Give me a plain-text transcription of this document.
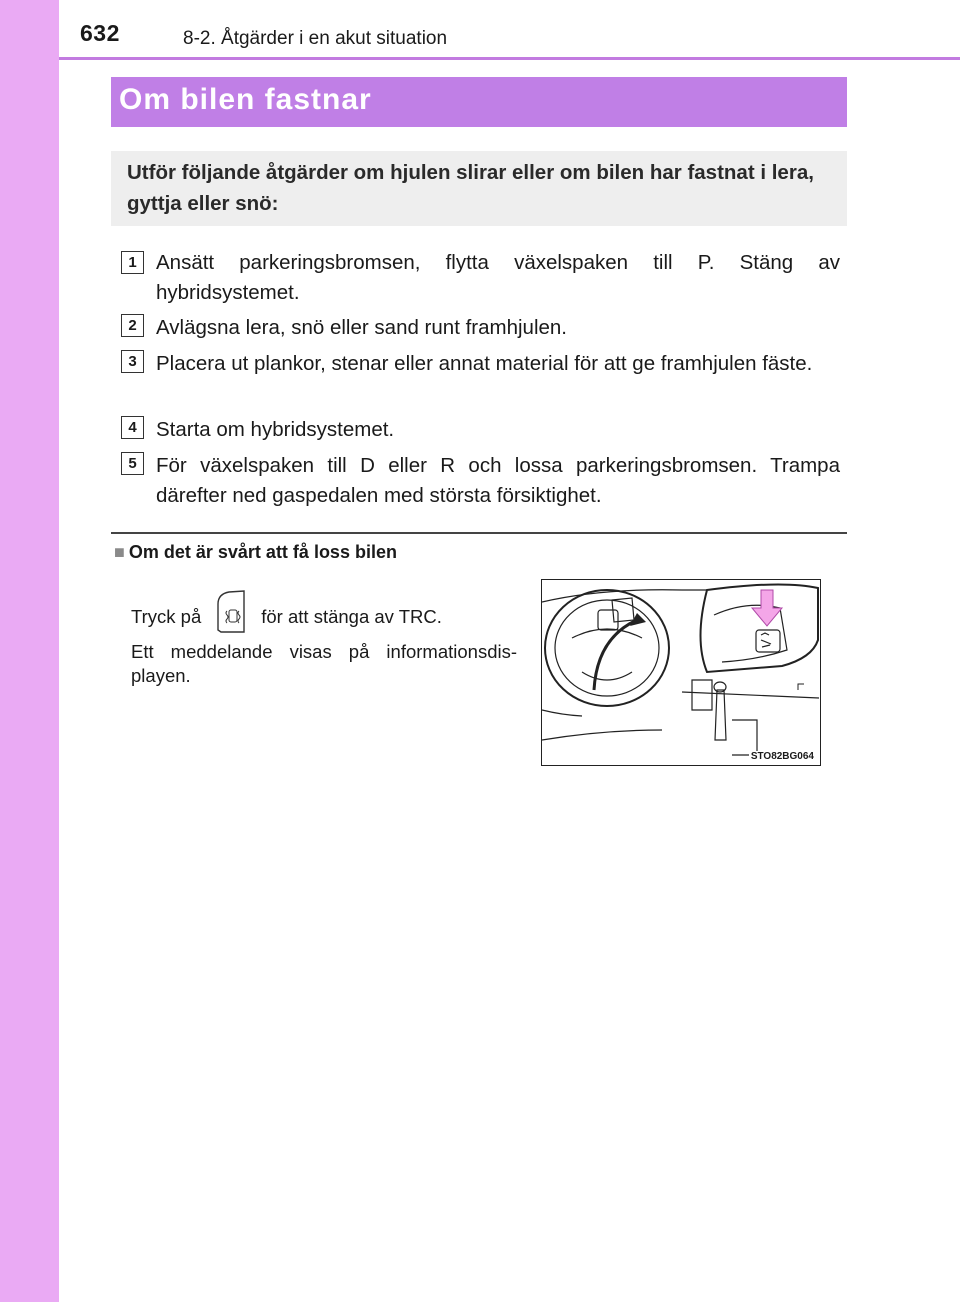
632	8-2. Åtgärder i en akut situation
Om bilen fastnar
Utför följande åtgärder om hjulen slirar eller om bilen har fastnat i lera, gyttja eller snö:
1 Ansätt parkeringsbromsen, flytta växelspaken till P. Stäng av hybridsystemet.
2 Avlägsna lera, snö eller sand runt framhjulen.
3 Placera ut plankor, stenar eller annat material för att ge framhjulen fäste.
4 Starta om hybridsystemet.
5 För växelspaken till D eller R och lossa parkeringsbromsen. Trampa därefter ned gaspedalen med största försiktighet.
■ Om det är svårt att få loss bilen
Tryck på	för att stänga av TRC.
Ett meddelande visas på informationsdis-playen.
STO82BG064
